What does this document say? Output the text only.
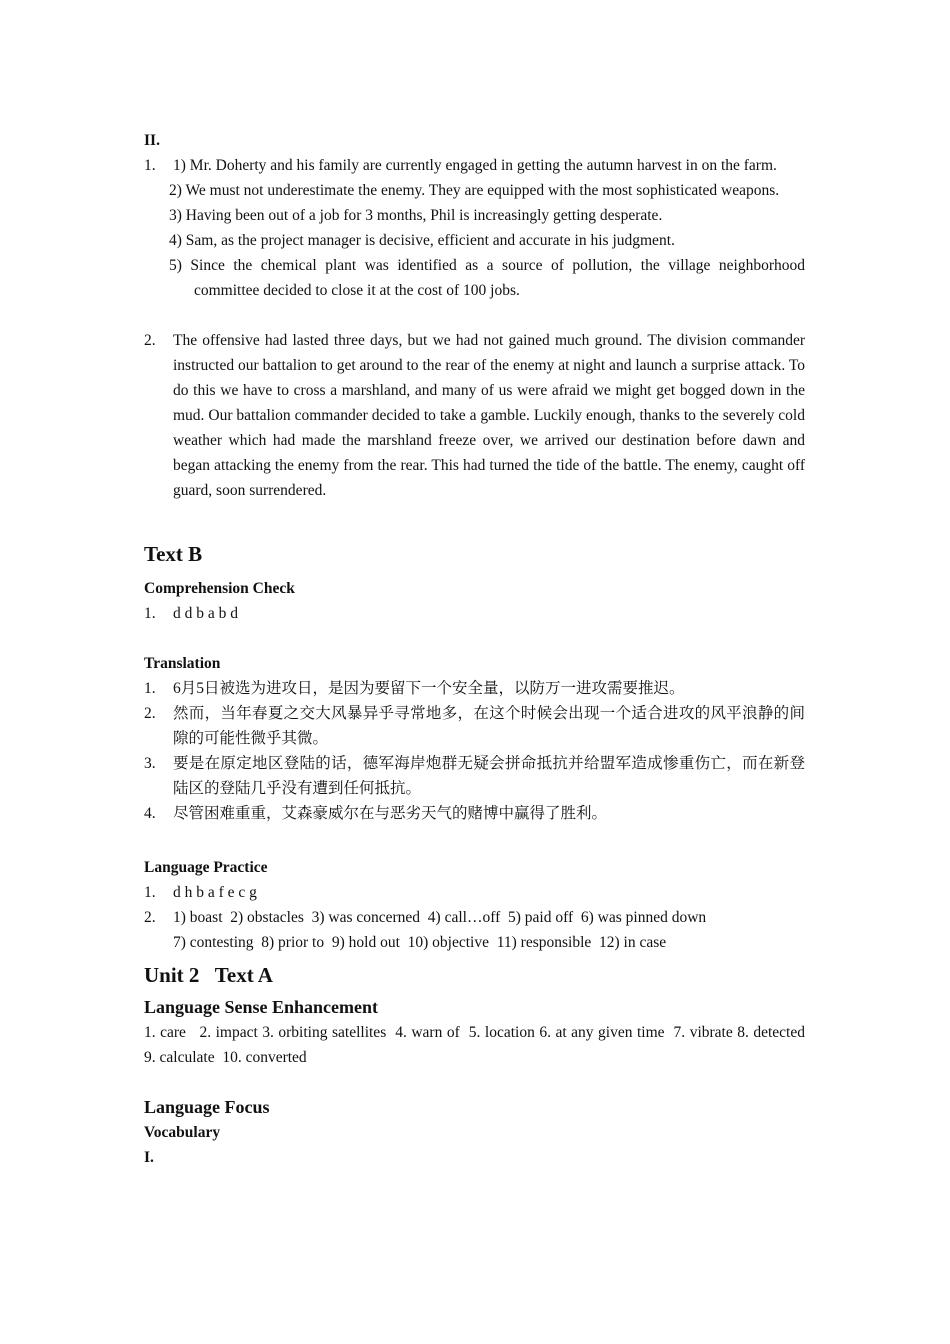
II.
1.	1) Mr. Doherty and his family are currently engaged in getting the autumn harvest in on the farm.
2) We must not underestimate the enemy. They are equipped with the most sophisticated weapons.
3) Having been out of a job for 3 months, Phil is increasingly getting desperate.
4) Sam, as the project manager is decisive, efficient and accurate in his judgment.
5) Since the chemical plant was identified as a source of pollution, the village neighborhood committee decided to close it at the cost of 100 jobs.
2.	The offensive had lasted three days, but we had not gained much ground. The division commander instructed our battalion to get around to the rear of the enemy at night and launch a surprise attack. To do this we have to cross a marshland, and many of us were afraid we might get bogged down in the mud. Our battalion commander decided to take a gamble. Luckily enough, thanks to the severely cold weather which had made the marshland freeze over, we arrived our destination before dawn and began attacking the enemy from the rear. This had turned the tide of the battle. The enemy, caught off guard, soon surrendered.
Text B
Comprehension Check
1.	d d b a b d
Translation
1.	6月5日被选为进攻日，是因为要留下一个安全量，以防万一进攻需要推迟。
2.	然而，当年春夏之交大风暴异乎寻常地多，在这个时候会出现一个适合进攻的风平浪静的间隙的可能性微乎其微。
3.	要是在原定地区登陆的话，德军海岸炮群无疑会拼命抵抗并给盟军造成惨重伤亡，而在新登陆区的登陆几乎没有遭到任何抵抗。
4.	尽管困难重重，艾森豪威尔在与恶劣天气的赌博中赢得了胜利。
Language Practice
1.	d h b a f e c g
2.	1) boast  2) obstacles  3) was concerned  4) call…off  5) paid off  6) was pinned down
7) contesting  8) prior to  9) hold out  10) objective  11) responsible  12) in case
Unit 2   Text A
Language Sense Enhancement
1. care   2. impact 3. orbiting satellites  4. warn of  5. location 6. at any given time  7. vibrate 8. detected  9. calculate  10. converted
Language Focus
Vocabulary
I.
